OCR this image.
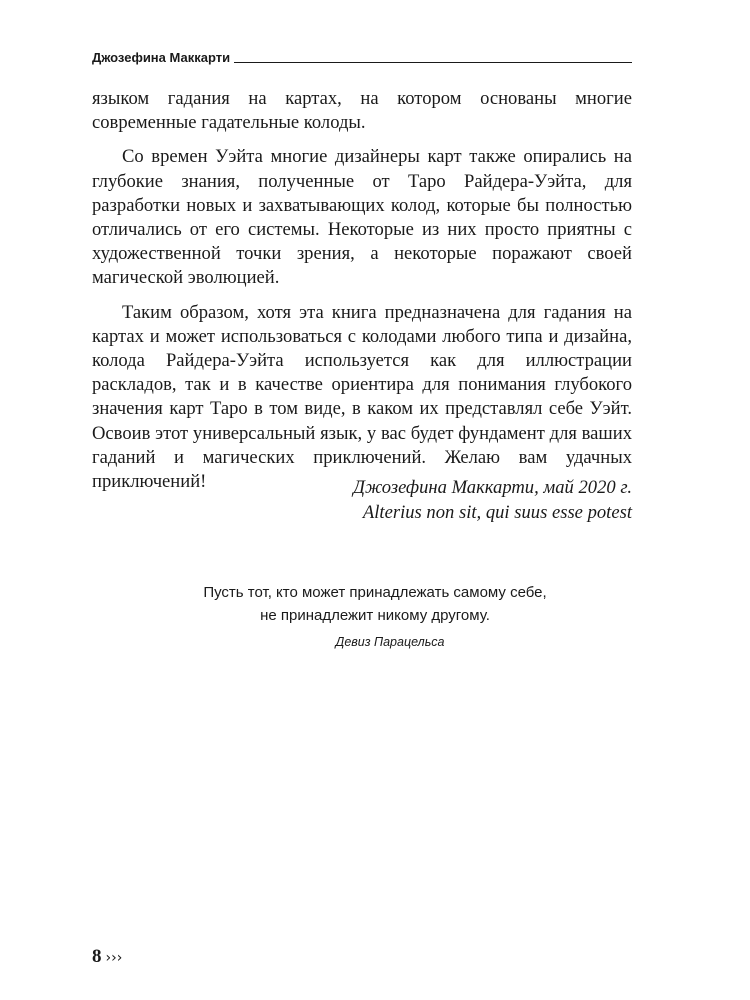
Джозефина Маккарти

языком гадания на картах, на котором основаны многие современные гадательные колоды.

Со времен Уэйта многие дизайнеры карт также опирались на глубокие знания, полученные от Таро Райдера-Уэйта, для разработки новых и захватывающих колод, которые бы полностью отличались от его системы. Некоторые из них просто приятны с художественной точки зрения, а некоторые поражают своей магической эволюцией.

Таким образом, хотя эта книга предназначена для гадания на картах и может использоваться с колодами любого типа и дизайна, колода Райдера-Уэйта используется как для иллюстрации раскладов, так и в качестве ориентира для понимания глубокого значения карт Таро в том виде, в каком их представлял себе Уэйт. Освоив этот универсальный язык, у вас будет фундамент для ваших гаданий и магических приключений. Желаю вам удачных приключений!	Джозефина Маккарти, май 2020 г.
Alterius non sit, qui suus esse potest
Пусть тот, кто может принадлежать самому себе,
не принадлежит никому другому.
Девиз Парацельса
8 ›››
